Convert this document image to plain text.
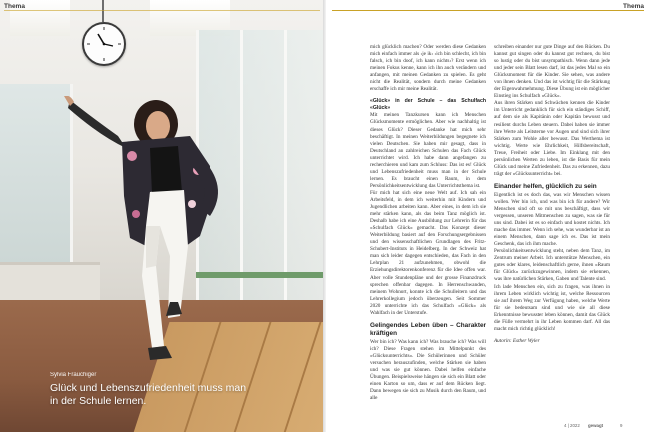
Thema
Sylvia Frauchiger
Glück und Lebenszufriedenheit muss man in der Schule lernen.
Thema

mich glücklich machen? Oder werden diese Gedanken mich einfach immer als ‹je ik› ‹ich bin schlecht, ich bin falsch, ich bin doof, ich kann nichts›? Erst wenn ich meinen Fokus kenne, kann ich ihn auch verändern und anfangen, mit meinen Gedanken zu spielen. Es geht nicht die Realität, sondern durch meine Gedanken erschaffe ich mir meine Realität.

«Glück» in der Schule – das Schulfach «Glück»

Mit meinen Tanzkursen kann ich Menschen Glücksmomente ermöglichen. Aber wie nachhaltig ist dieses Glück? Dieser Gedanke hat mich sehr beschäftigt. In meinen Weiterbildungen begegnete ich vielen Deutschen. Sie haben mir gesagt, dass in Deutschland an zahlreichen Schulen das Fach Glück unterrichtet wird. Ich habe dann angefangen zu recherchieren und kam zum Schluss: Das ist es! Glück und Lebenszufriedenheit muss man in der Schule lernen. Es braucht einen Raum, in dem Persönlichkeitsentwicklung das Unterrichtsthema ist.

Für mich hat sich eine neue Welt auf. Ich sah ein Arbeitsfeld, in dem ich weiterhin mit Kindern und Jugendlichen arbeiten kann. Aber eines, in dem ich sie mehr stärken kann, als das beim Tanz möglich ist. Deshalb habe ich eine Ausbildung zur Lehrerin für das «Schulfach Glück» gemacht. Das Konzept dieser Weiterbildung basiert auf den Forschungsergebnissen und den wissenschaftlichen Grundlagen des Fritz-Schubert-Instituts in Heidelberg. In der Schweiz hat man sich leider dagegen entschieden, das Fach in den Lehrplan 21 aufzunehmen, obwohl die Erziehungsdirektorenkonferenz für die Idee offen war. Aber volle Stundenpläne und der grosse Finanzdruck sprechen offenbar dagegen. In Herrenschwanden, meinem Wohnort, konnte ich die Schulleitern und das Lehrerkollegium jedoch überzeugen. Seit Sommer 2020 unterrichte ich das Schulfach «Glück» als Wahlfach in der Unterstufe.

Gelingendes Leben üben – Charakter kräftigen

Wer bin ich? Was kann ich? Was brauche ich? Was will ich? Diese Fragen stehen im Mittelpunkt des «Glücksunterrichts». Die Schülerinnen und Schüler versuchen herauszufinden, welche Stärken sie haben und was sie gut können. Dabei helfen einfache Übungen. Beispielsweise hängen sie sich ein Blatt oder einen Karton so um, dass er auf dem Rücken liegt. Dann bewegen sie sich zu Musik durch den Raum, und alle

schreiben einander nur gute Dinge auf den Rücken. Du kannst gut singen oder du kannst gut rechnen, du bist so lustig oder du bist unsympathisch. Wenn dann jede und jeder sein Blatt lesen darf, ist das jedes Mal so ein Glücksmoment für die Kinder. Sie sehen, was andere von ihnen denken. Und das ist wichtig für die Stärkung der Eigenwahrnehmung. Diese Übung ist ein möglicher Einstieg ins Schulfach «Glück».

Aus ihren Stärken und Schwächen kennen die Kinder im Unterricht gedanklich für sich ein ständiges Schiff, auf dem sie als Kapitänin oder Kapitän bewusst und resilient durchs Leben steuern. Dabei haben sie immer ihre Werte als Leitsterne vor Augen und sind sich ihrer Stärken zum Wohle aller bewusst. Das Werthema ist wichtig. Werte wie Ehrlichkeit, Hilfsbereitschaft, Treue, Freiheit oder Liebe. Im Einklang mit den persönlichen Werten zu leben, ist die Basis für mein Glück und meine Zufriedenheit. Das zu erkennen, dazu trägt der «Glücksunterricht» bei.

Einander helfen, glücklich zu sein

Eigentlich ist es doch das, was wir Menschen wissen wollen. Wer bin ich, und was bin ich für andere? Wir Menschen sind oft so mit uns beschäftigt, dass wir vergessen, unseren Mitmenschen zu sagen, was sie für uns sind. Dabei ist es so einfach und kostet nichts. Ich mache das immer. Wenn ich sehe, was wunderbar ist an einem Menschen, dann sage ich es. Das ist mein Geschenk, das ich ihm mache.

Persönlichkeitsentwicklung steht, neben dem Tanz, im Zentrum meiner Arbeit. Ich unterstütze Menschen, ein gutes oder klares, leidenschaftlich gerne, ihnen «Raum für Glück» zurückzugewinnen, indem sie erkennen, was ihre natürlichen Stärken, Gaben und Talente sind.

Ich lade Menschen ein, sich zu fragen, was ihnen in ihrem Leben wirklich wichtig ist, welche Ressourcen sie auf ihrem Weg zur Verfügung haben, welche Werte für sie bedeutsam sind und wie sie all diese Erkenntnisse bewusster leben können, damit das Glück die Fülle vermehrt in ihr Leben kommen darf. All das macht mich richtig glücklich!

Autorin: Esther Wyler

4 | 2022 gewagt	9
